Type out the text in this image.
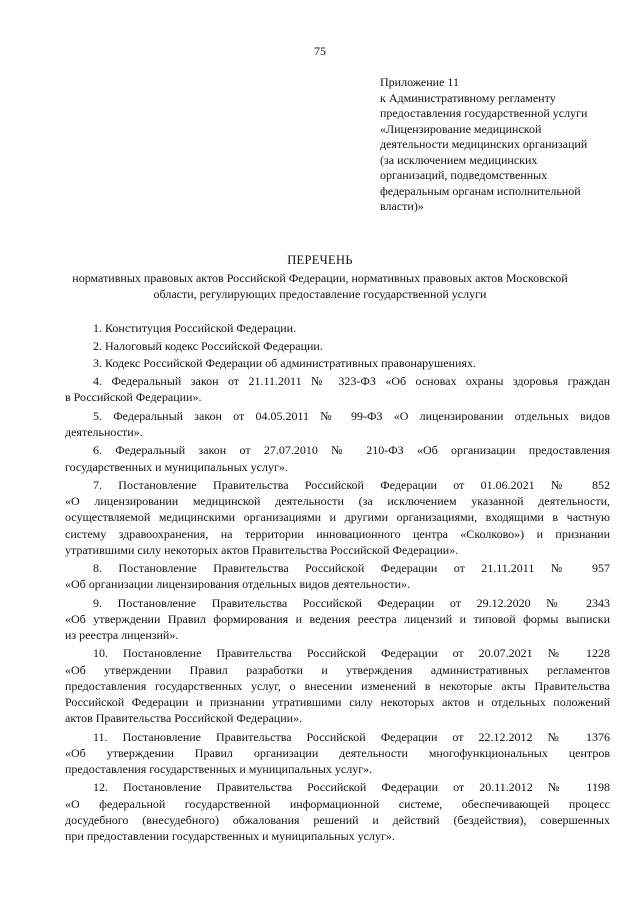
75
Приложение 11
к Административному регламенту
предоставления государственной услуги
«Лицензирование медицинской
деятельности медицинских организаций
(за исключением медицинских
организаций, подведомственных
федеральным органам исполнительной
власти)»
ПЕРЕЧЕНЬ
нормативных правовых актов Российской Федерации, нормативных правовых актов Московской
области, регулирующих предоставление государственной услуги
1. Конституция Российской Федерации.
2. Налоговый кодекс Российской Федерации.
3. Кодекс Российской Федерации об административных правонарушениях.
4. Федеральный закон от 21.11.2011 № 323-ФЗ «Об основах охраны здоровья граждан
в Российской Федерации».
5. Федеральный закон от 04.05.2011 № 99-ФЗ «О лицензировании отдельных видов
деятельности».
6. Федеральный закон от 27.07.2010 № 210-ФЗ «Об организации предоставления
государственных и муниципальных услуг».
7. Постановление Правительства Российской Федерации от 01.06.2021 № 852
«О лицензировании медицинской деятельности (за исключением указанной деятельности,
осуществляемой медицинскими организациями и другими организациями, входящими в частную
систему здравоохранения, на территории инновационного центра «Сколково») и признании
утратившими силу некоторых актов Правительства Российской Федерации».
8. Постановление Правительства Российской Федерации от 21.11.2011 № 957
«Об организации лицензирования отдельных видов деятельности».
9. Постановление Правительства Российской Федерации от 29.12.2020 № 2343
«Об утверждении Правил формирования и ведения реестра лицензий и типовой формы выписки
из реестра лицензий».
10. Постановление Правительства Российской Федерации от 20.07.2021 № 1228
«Об утверждении Правил разработки и утверждения административных регламентов
предоставления государственных услуг, о внесении изменений в некоторые акты Правительства
Российской Федерации и признании утратившими силу некоторых актов и отдельных положений
актов Правительства Российской Федерации».
11. Постановление Правительства Российской Федерации от 22.12.2012 № 1376
«Об утверждении Правил организации деятельности многофункциональных центров
предоставления государственных и муниципальных услуг».
12. Постановление Правительства Российской Федерации от 20.11.2012 № 1198
«О федеральной государственной информационной системе, обеспечивающей процесс
досудебного (внесудебного) обжалования решений и действий (бездействия), совершенных
при предоставлении государственных и муниципальных услуг».
